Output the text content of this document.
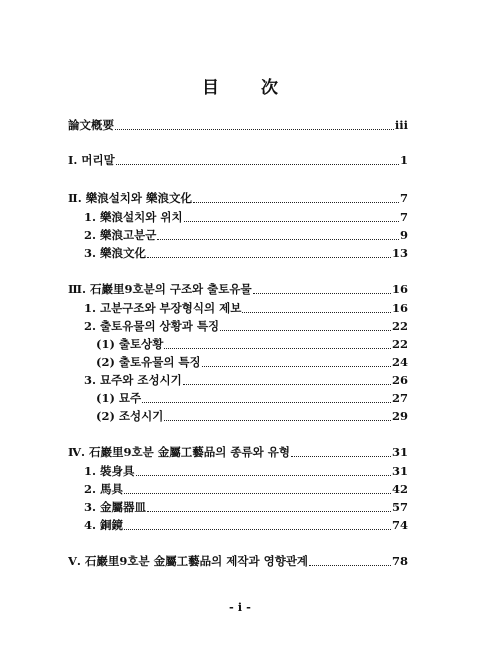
目 次
論文槪要	iii
Ⅰ. 머리말	1
Ⅱ. 樂浪설치와 樂浪文化	7
1. 樂浪설치와 위치	7
2. 樂浪고분군	9
3. 樂浪文化	13
Ⅲ. 石巖里9호분의 구조와 출토유물	16
1. 고분구조와 부장형식의 제보	16
2. 출토유물의 상황과 특징	22
(1) 출토상황	22
(2) 출토유물의 특징	24
3. 묘주와 조성시기	26
(1) 묘주	27
(2) 조성시기	29
Ⅳ. 石巖里9호분 金屬工藝品의 종류와 유형	31
1. 裝身具	31
2. 馬具	42
3. 金屬器皿	57
4. 銅鏡	74
Ⅴ. 石巖里9호분 金屬工藝品의 제작과 영향관계	78
- i -
